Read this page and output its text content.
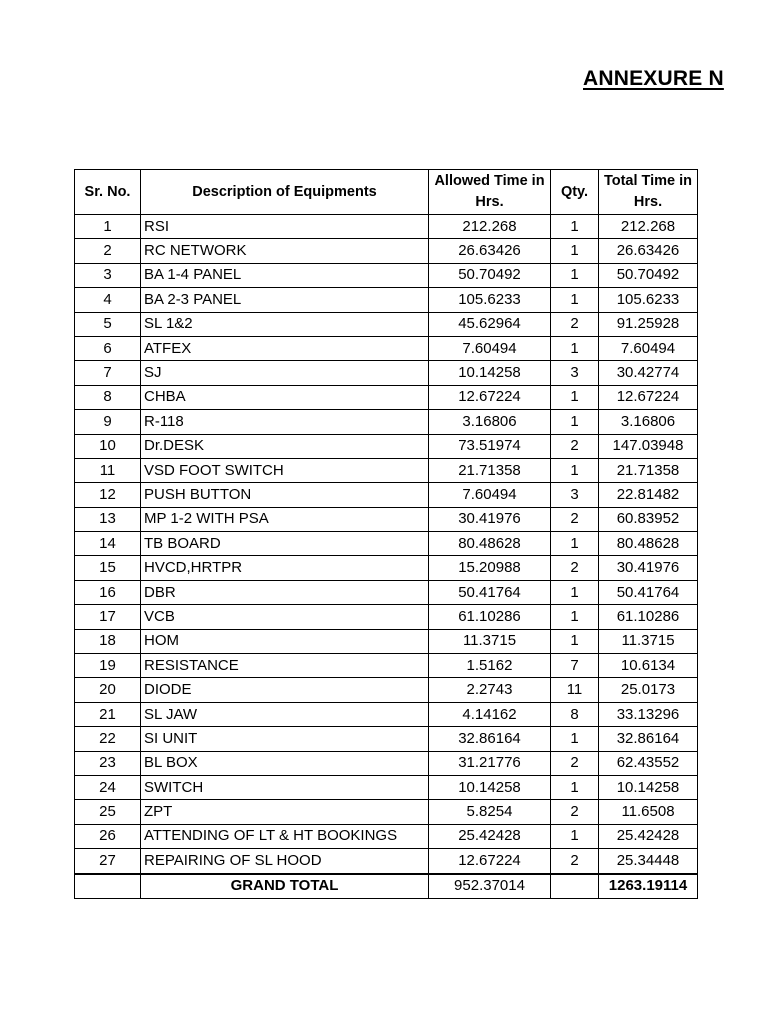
ANNEXURE N
Sr. No.	Description of Equipments	Allowed Time in Hrs.	Qty.	Total Time in Hrs.
1	RSI	212.268	1	212.268
2	RC NETWORK	26.63426	1	26.63426
3	BA 1-4 PANEL	50.70492	1	50.70492
4	BA 2-3 PANEL	105.6233	1	105.6233
5	SL 1&2	45.62964	2	91.25928
6	ATFEX	7.60494	1	7.60494
7	SJ	10.14258	3	30.42774
8	CHBA	12.67224	1	12.67224
9	R-118	3.16806	1	3.16806
10	Dr.DESK	73.51974	2	147.03948
11	VSD FOOT SWITCH	21.71358	1	21.71358
12	PUSH BUTTON	7.60494	3	22.81482
13	MP 1-2 WITH PSA	30.41976	2	60.83952
14	TB BOARD	80.48628	1	80.48628
15	HVCD,HRTPR	15.20988	2	30.41976
16	DBR	50.41764	1	50.41764
17	VCB	61.10286	1	61.10286
18	HOM	11.3715	1	11.3715
19	RESISTANCE	1.5162	7	10.6134
20	DIODE	2.2743	11	25.0173
21	SL JAW	4.14162	8	33.13296
22	SI UNIT	32.86164	1	32.86164
23	BL BOX	31.21776	2	62.43552
24	SWITCH	10.14258	1	10.14258
25	ZPT	5.8254	2	11.6508
26	ATTENDING OF LT & HT BOOKINGS	25.42428	1	25.42428
27	REPAIRING OF SL HOOD	12.67224	2	25.34448
	GRAND TOTAL	952.37014		1263.19114
